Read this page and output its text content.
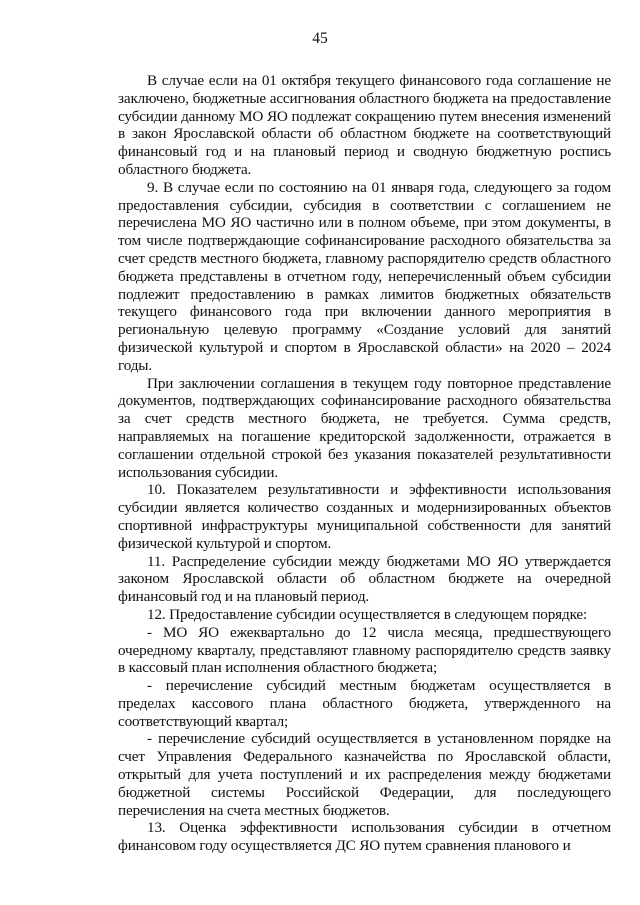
45

В случае если на 01 октября текущего финансового года соглашение не заключено, бюджетные ассигнования областного бюджета на предоставление субсидии данному МО ЯО подлежат сокращению путем внесения изменений в закон Ярославской области об областном бюджете на соответствующий финансовый год и на плановый период и сводную бюджетную роспись областного бюджета.

9. В случае если по состоянию на 01 января года, следующего за годом предоставления субсидии, субсидия в соответствии с соглашением не перечислена МО ЯО частично или в полном объеме, при этом документы, в том числе подтверждающие софинансирование расходного обязательства за счет средств местного бюджета, главному распорядителю средств областного бюджета представлены в отчетном году, неперечисленный объем субсидии подлежит предоставлению в рамках лимитов бюджетных обязательств текущего финансового года при включении данного мероприятия в региональную целевую программу «Создание условий для занятий физической культурой и спортом в Ярославской области» на 2020 – 2024 годы.

При заключении соглашения в текущем году повторное представление документов, подтверждающих софинансирование расходного обязательства за счет средств местного бюджета, не требуется. Сумма средств, направляемых на погашение кредиторской задолженности, отражается в соглашении отдельной строкой без указания показателей результативности использования субсидии.

10. Показателем результативности и эффективности использования субсидии является количество созданных и модернизированных объектов спортивной инфраструктуры муниципальной собственности для занятий физической культурой и спортом.

11. Распределение субсидии между бюджетами МО ЯО утверждается законом Ярославской области об областном бюджете на очередной финансовый год и на плановый период.

12. Предоставление субсидии осуществляется в следующем порядке:

- МО ЯО ежеквартально до 12 числа месяца, предшествующего очередному кварталу, представляют главному распорядителю средств заявку в кассовый план исполнения областного бюджета;

- перечисление субсидий местным бюджетам осуществляется в пределах кассового плана областного бюджета, утвержденного на соответствующий квартал;

- перечисление субсидий осуществляется в установленном порядке на счет Управления Федерального казначейства по Ярославской области, открытый для учета поступлений и их распределения между бюджетами бюджетной системы Российской Федерации, для последующего перечисления на счета местных бюджетов.

13. Оценка эффективности использования субсидии в отчетном финансовом году осуществляется ДС ЯО путем сравнения планового и
